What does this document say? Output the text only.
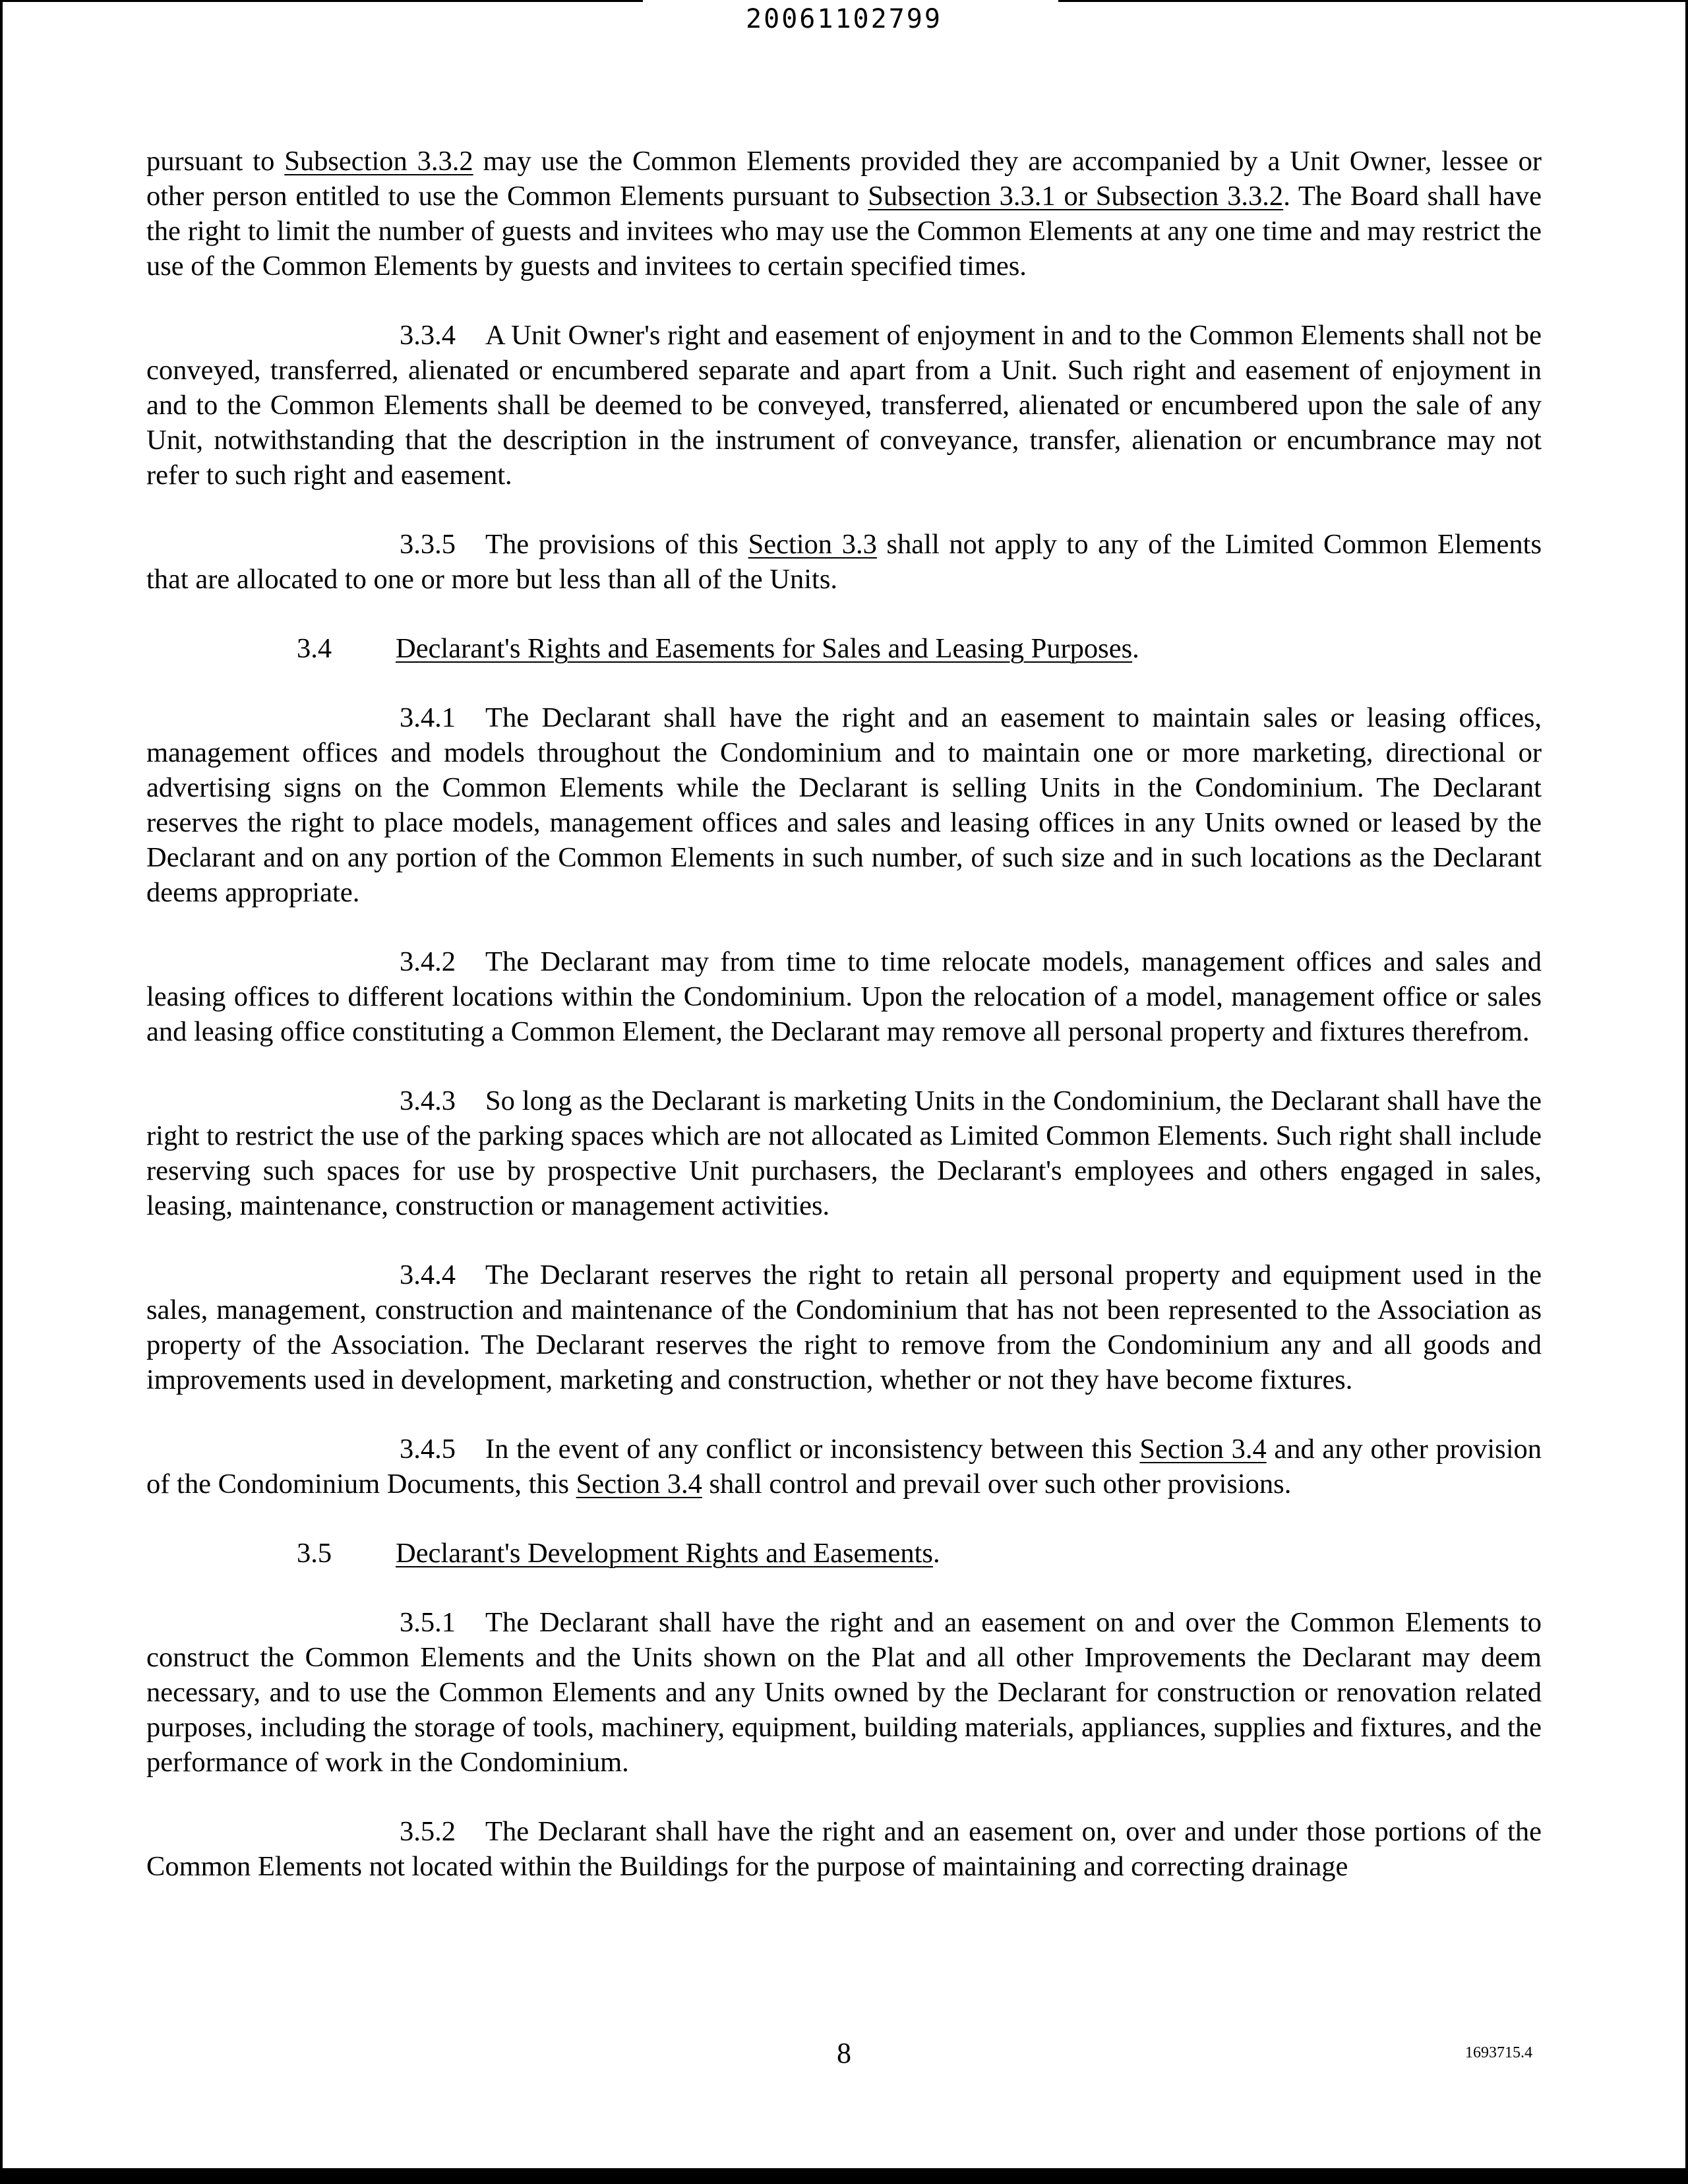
20061102799

pursuant to Subsection 3.3.2 may use the Common Elements provided they are accompanied by a Unit Owner, lessee or other person entitled to use the Common Elements pursuant to Subsection 3.3.1 or Subsection 3.3.2. The Board shall have the right to limit the number of guests and invitees who may use the Common Elements at any one time and may restrict the use of the Common Elements by guests and invitees to certain specified times.

3.3.4 A Unit Owner's right and easement of enjoyment in and to the Common Elements shall not be conveyed, transferred, alienated or encumbered separate and apart from a Unit. Such right and easement of enjoyment in and to the Common Elements shall be deemed to be conveyed, transferred, alienated or encumbered upon the sale of any Unit, notwithstanding that the description in the instrument of conveyance, transfer, alienation or encumbrance may not refer to such right and easement.

3.3.5 The provisions of this Section 3.3 shall not apply to any of the Limited Common Elements that are allocated to one or more but less than all of the Units.

3.4 Declarant's Rights and Easements for Sales and Leasing Purposes.

3.4.1 The Declarant shall have the right and an easement to maintain sales or leasing offices, management offices and models throughout the Condominium and to maintain one or more marketing, directional or advertising signs on the Common Elements while the Declarant is selling Units in the Condominium. The Declarant reserves the right to place models, management offices and sales and leasing offices in any Units owned or leased by the Declarant and on any portion of the Common Elements in such number, of such size and in such locations as the Declarant deems appropriate.

3.4.2 The Declarant may from time to time relocate models, management offices and sales and leasing offices to different locations within the Condominium. Upon the relocation of a model, management office or sales and leasing office constituting a Common Element, the Declarant may remove all personal property and fixtures therefrom.

3.4.3 So long as the Declarant is marketing Units in the Condominium, the Declarant shall have the right to restrict the use of the parking spaces which are not allocated as Limited Common Elements. Such right shall include reserving such spaces for use by prospective Unit purchasers, the Declarant's employees and others engaged in sales, leasing, maintenance, construction or management activities.

3.4.4 The Declarant reserves the right to retain all personal property and equipment used in the sales, management, construction and maintenance of the Condominium that has not been represented to the Association as property of the Association. The Declarant reserves the right to remove from the Condominium any and all goods and improvements used in development, marketing and construction, whether or not they have become fixtures.

3.4.5 In the event of any conflict or inconsistency between this Section 3.4 and any other provision of the Condominium Documents, this Section 3.4 shall control and prevail over such other provisions.

3.5 Declarant's Development Rights and Easements.

3.5.1 The Declarant shall have the right and an easement on and over the Common Elements to construct the Common Elements and the Units shown on the Plat and all other Improvements the Declarant may deem necessary, and to use the Common Elements and any Units owned by the Declarant for construction or renovation related purposes, including the storage of tools, machinery, equipment, building materials, appliances, supplies and fixtures, and the performance of work in the Condominium.

3.5.2 The Declarant shall have the right and an easement on, over and under those portions of the Common Elements not located within the Buildings for the purpose of maintaining and correcting drainage

8	1693715.4
